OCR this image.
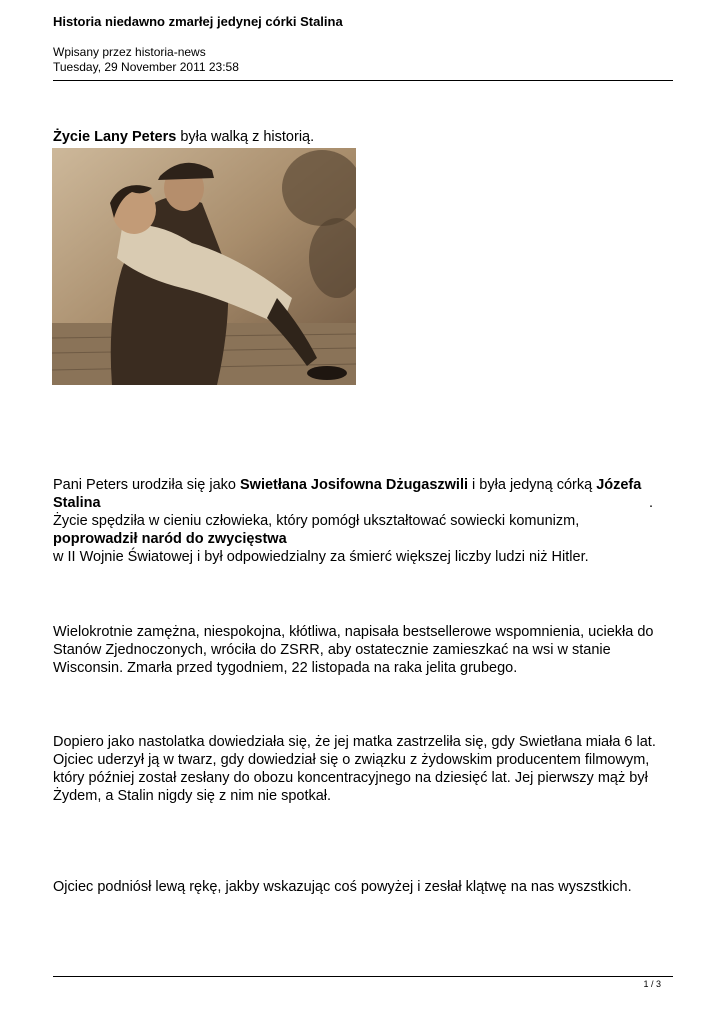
Historia niedawno zmarłej jedynej córki Stalina

Wpisany przez historia-news
Tuesday, 29 November 2011 23:58
Życie Lany Peters była walką z historią.
Pani Peters urodziła się jako Swietłana Josifowna Dżugaszwili i była jedyną córką Józefa Stalina
Życie spędziła w cieniu człowieka, który pomógł ukształtować sowiecki komunizm,
poprowadził naród do zwycięstwa
w II Wojnie Światowej i był odpowiedzialny za śmierć większej liczby ludzi niż Hitler.
.
Wielokrotnie zamężna, niespokojna, kłótliwa, napisała bestsellerowe wspomnienia, uciekła do Stanów Zjednoczonych, wróciła do ZSRR, aby ostatecznie zamieszkać na wsi w stanie Wisconsin. Zmarła przed tygodniem, 22 listopada na raka jelita grubego.
Dopiero jako nastolatka dowiedziała się, że jej matka zastrzeliła się, gdy Swietłana miała 6 lat. Ojciec uderzył ją w twarz, gdy dowiedział się o związku z żydowskim producentem filmowym, który później został zesłany do obozu koncentracyjnego na dziesięć lat. Jej pierwszy mąż był Żydem, a Stalin nigdy się z nim nie spotkał.
Ojciec podniósł lewą rękę, jakby wskazując coś powyżej i zesłał klątwę na nas wyszstkich.
1 / 3
